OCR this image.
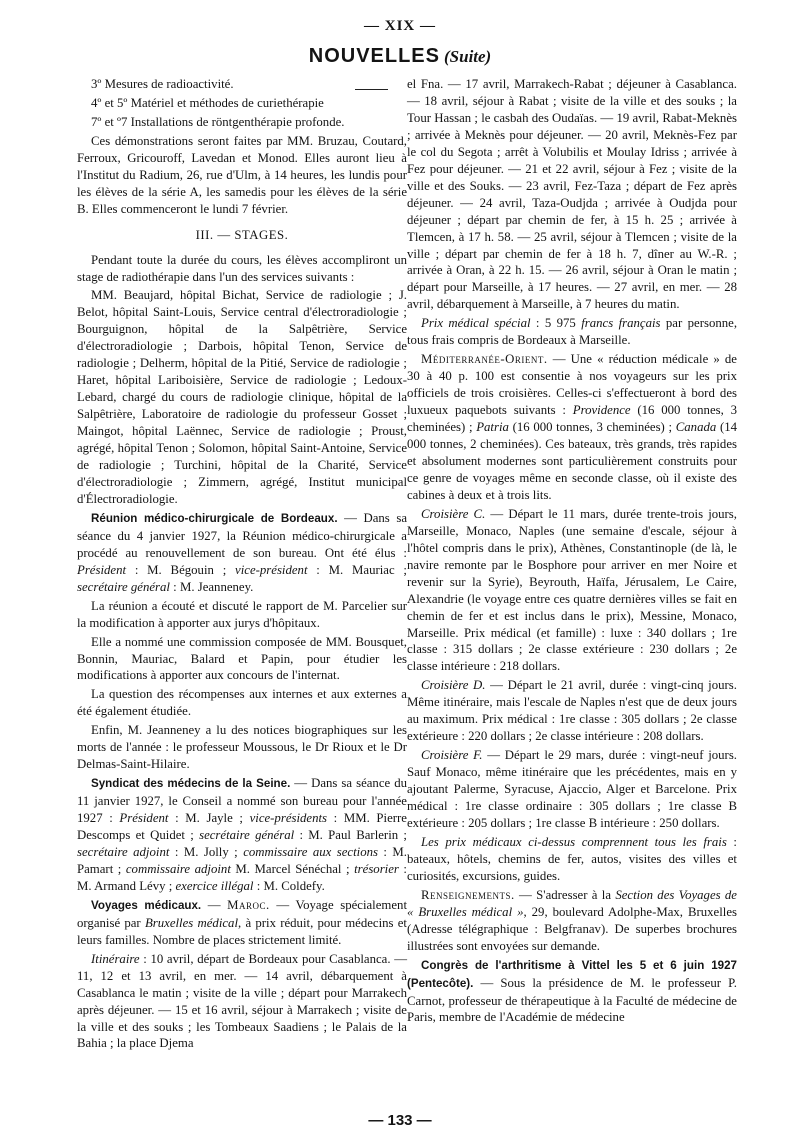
— XIX —
NOUVELLES (Suite)

3º Mesures de radioactivité.

4º et 5º Matériel et méthodes de curiethérapie

7º et º7 Installations de röntgenthérapie profonde.

Ces démonstrations seront faites par MM. Bruzau, Coutard, Ferroux, Gricouroff, Lavedan et Monod. Elles auront lieu à l'Institut du Radium, 26, rue d'Ulm, à 14 heures, les lundis pour les élèves de la série A, les samedis pour les élèves de la série B. Elles commenceront le lundi 7 février.

III. — STAGES.

Pendant toute la durée du cours, les élèves accompliront un stage de radiothérapie dans l'un des services suivants :

MM. Beaujard, hôpital Bichat, Service de radiologie ; J. Belot, hôpital Saint-Louis, Service central d'électroradiologie ; Bourguignon, hôpital de la Salpêtrière, Service d'électroradiologie ; Darbois, hôpital Tenon, Service de radiologie ; Delherm, hôpital de la Pitié, Service de radiologie ; Haret, hôpital Lariboisière, Service de radiologie ; Ledoux-Lebard, chargé du cours de radiologie clinique, hôpital de la Salpêtrière, Laboratoire de radiologie du professeur Gosset ; Maingot, hôpital Laënnec, Service de radiologie ; Proust, agrégé, hôpital Tenon ; Solomon, hôpital Saint-Antoine, Service de radiologie ; Turchini, hôpital de la Charité, Service d'électroradiologie ; Zimmern, agrégé, Institut municipal d'Électroradiologie.

Réunion médico-chirurgicale de Bordeaux. — Dans sa séance du 4 janvier 1927, la Réunion médico-chirurgicale a procédé au renouvellement de son bureau. Ont été élus : Président : M. Bégouin ; vice-président : M. Mauriac ; secrétaire général : M. Jeanneney.

La réunion a écouté et discuté le rapport de M. Parcelier sur la modification à apporter aux jurys d'hôpitaux.

Elle a nommé une commission composée de MM. Bousquet, Bonnin, Mauriac, Balard et Papin, pour étudier les modifications à apporter aux concours de l'internat.

La question des récompenses aux internes et aux externes a été également étudiée.

Enfin, M. Jeanneney a lu des notices biographiques sur les morts de l'année : le professeur Moussous, le Dr Rioux et le Dr Delmas-Saint-Hilaire.

Syndicat des médecins de la Seine. — Dans sa séance du 11 janvier 1927, le Conseil a nommé son bureau pour l'année 1927 : Président : M. Jayle ; vice-présidents : MM. Pierre Descomps et Quidet ; secrétaire général : M. Paul Barlerin ; secrétaire adjoint : M. Jolly ; commissaire aux sections : M. Pamart ; commissaire adjoint M. Marcel Sénéchal ; trésorier : M. Armand Lévy ; exercice illégal : M. Coldefy.

Voyages médicaux. — Maroc. — Voyage spécialement organisé par Bruxelles médical, à prix réduit, pour médecins et leurs familles. Nombre de places strictement limité.

Itinéraire : 10 avril, départ de Bordeaux pour Casablanca. — 11, 12 et 13 avril, en mer. — 14 avril, débarquement à Casablanca le matin ; visite de la ville ; départ pour Marrakech après déjeuner. — 15 et 16 avril, séjour à Marrakech ; visite de la ville et des souks ; les Tombeaux Saadiens ; le Palais de la Bahia ; la place Djema

el Fna. — 17 avril, Marrakech-Rabat ; déjeuner à Casablanca. — 18 avril, séjour à Rabat ; visite de la ville et des souks ; la Tour Hassan ; le casbah des Oudaïas. — 19 avril, Rabat-Meknès ; arrivée à Meknès pour déjeuner. — 20 avril, Meknès-Fez par le col du Segota ; arrêt à Volubilis et Moulay Idriss ; arrivée à Fez pour déjeuner. — 21 et 22 avril, séjour à Fez ; visite de la ville et des Souks. — 23 avril, Fez-Taza ; départ de Fez après déjeuner. — 24 avril, Taza-Oudjda ; arrivée à Oudjda pour déjeuner ; départ par chemin de fer, à 15 h. 25 ; arrivée à Tlemcen, à 17 h. 58. — 25 avril, séjour à Tlemcen ; visite de la ville ; départ par chemin de fer à 18 h. 7, dîner au W.-R. ; arrivée à Oran, à 22 h. 15. — 26 avril, séjour à Oran le matin ; départ pour Marseille, à 17 heures. — 27 avril, en mer. — 28 avril, débarquement à Marseille, à 7 heures du matin.

Prix médical spécial : 5 975 francs français par personne, tous frais compris de Bordeaux à Marseille.

Méditerranée-Orient. — Une « réduction médicale » de 30 à 40 p. 100 est consentie à nos voyageurs sur les prix officiels de trois croisières. Celles-ci s'effectueront à bord des luxueux paquebots suivants : Providence (16 000 tonnes, 3 cheminées) ; Patria (16 000 tonnes, 3 cheminées) ; Canada (14 000 tonnes, 2 cheminées). Ces bateaux, très grands, très rapides et absolument modernes sont particulièrement construits pour ce genre de voyages même en seconde classe, où il existe des cabines à deux et à trois lits.

Croisière C. — Départ le 11 mars, durée trente-trois jours, Marseille, Monaco, Naples (une semaine d'escale, séjour à l'hôtel compris dans le prix), Athènes, Constantinople (de là, le navire remonte par le Bosphore pour arriver en mer Noire et revenir sur la Syrie), Beyrouth, Haïfa, Jérusalem, Le Caire, Alexandrie (le voyage entre ces quatre dernières villes se fait en chemin de fer et est inclus dans le prix), Messine, Monaco, Marseille. Prix médical (et famille) : luxe : 340 dollars ; 1re classe : 315 dollars ; 2e classe extérieure : 230 dollars ; 2e classe intérieure : 218 dollars.

Croisière D. — Départ le 21 avril, durée : vingt-cinq jours. Même itinéraire, mais l'escale de Naples n'est que de deux jours au maximum. Prix médical : 1re classe : 305 dollars ; 2e classe extérieure : 220 dollars ; 2e classe intérieure : 208 dollars.

Croisière F. — Départ le 29 mars, durée : vingt-neuf jours. Sauf Monaco, même itinéraire que les précédentes, mais en y ajoutant Palerme, Syracuse, Ajaccio, Alger et Barcelone. Prix médical : 1re classe ordinaire : 305 dollars ; 1re classe B extérieure : 205 dollars ; 1re classe B intérieure : 250 dollars.

Les prix médicaux ci-dessus comprennent tous les frais : bateaux, hôtels, chemins de fer, autos, visites des villes et curiosités, excursions, guides.

Renseignements. — S'adresser à la Section des Voyages de « Bruxelles médical », 29, boulevard Adolphe-Max, Bruxelles (Adresse télégraphique : Belgfranav). De superbes brochures illustrées sont envoyées sur demande.

Congrès de l'arthritisme à Vittel les 5 et 6 juin 1927 (Pentecôte). — Sous la présidence de M. le professeur P. Carnot, professeur de thérapeutique à la Faculté de médecine de Paris, membre de l'Académie de médecine

— 133 —
